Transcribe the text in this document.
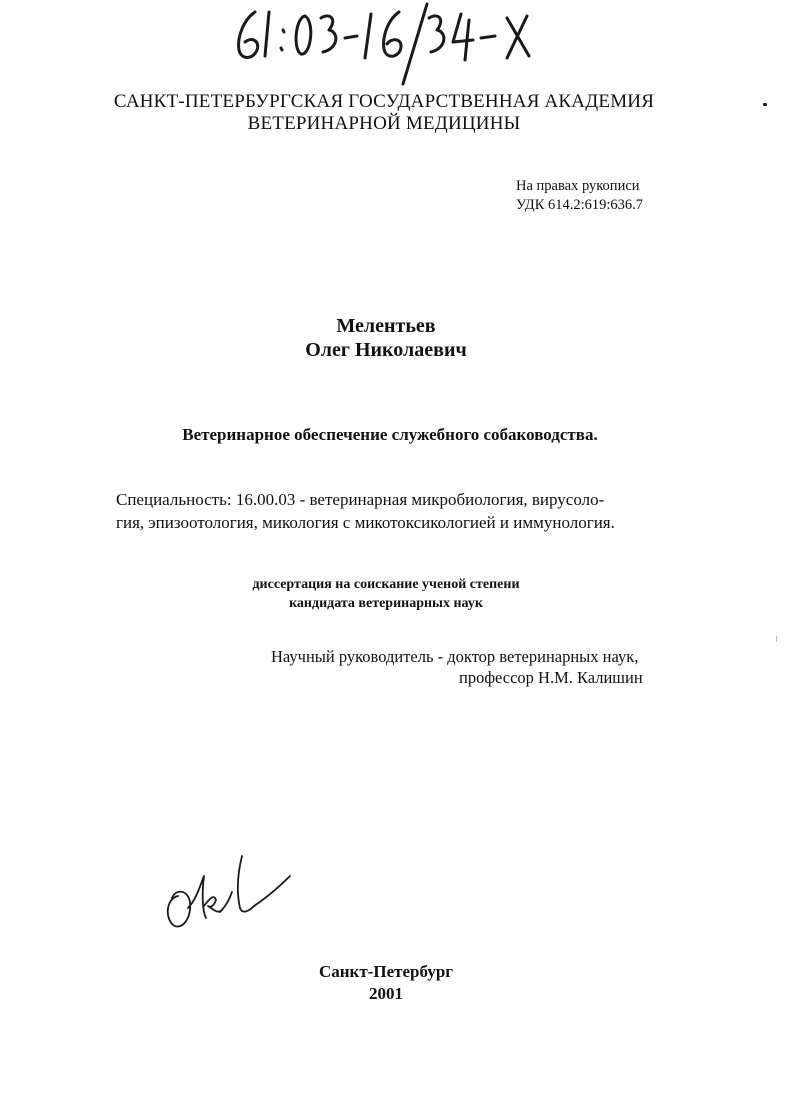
САНКТ-ПЕТЕРБУРГСКАЯ ГОСУДАРСТВЕННАЯ АКАДЕМИЯ
ВЕТЕРИНАРНОЙ МЕДИЦИНЫ
На правах рукописи
УДК 614.2:619:636.7
Мелентьев
Олег Николаевич
Ветеринарное обеспечение служебного собаководства.
Специальность: 16.00.03 - ветеринарная микробиология, вирусоло-
гия, эпизоотология, микология с микотоксикологией и иммунология.
диссертация на соискание ученой степени
кандидата ветеринарных наук
Научный руководитель - доктор ветеринарных наук,
профессор Н.М. Калишин
Санкт-Петербург
2001
